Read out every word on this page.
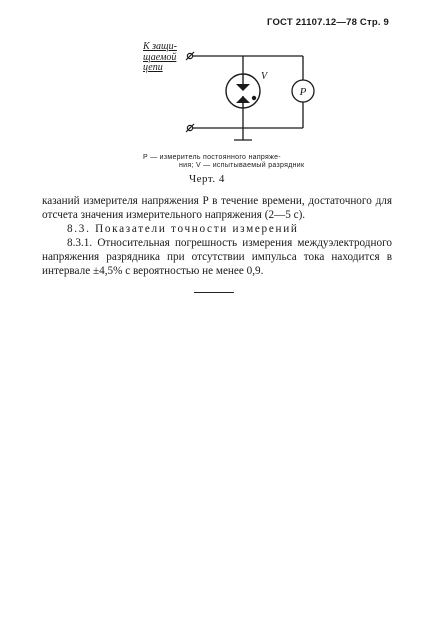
ГОСТ 21107.12—78 Стр. 9
К защи-
щаемой
цепи
P
V
P — измеритель постоянного напряже-
ния; V — испытываемый разрядник
Черт. 4

казаний измерителя напряжения P в течение времени, достаточного для отсчета значения измерительного напряжения (2—5 с).

8.3. Показатели точности измерений

8.3.1. Относительная погрешность измерения междуэлектродного напряжения разрядника при отсутствии импульса тока находится в интервале ±4,5% с вероятностью не менее 0,9.
